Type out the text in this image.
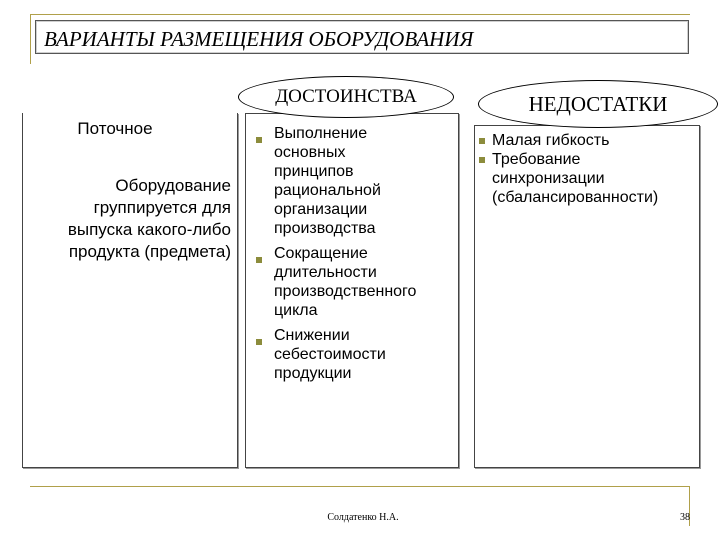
ВАРИАНТЫ РАЗМЕЩЕНИЯ ОБОРУДОВАНИЯ
Поточное
Оборудование
группируется для
выпуска какого-либо
продукта (предмета)
Выполнение
основных
принципов
рациональной
организации
производства
Сокращение
длительности
производственного
цикла
Снижении
себестоимости
продукции
Малая гибкость
Требование
синхронизации
(сбалансированности)
ДОСТОИНСТВА	НЕДОСТАТКИ
Солдатенко Н.А.	38
